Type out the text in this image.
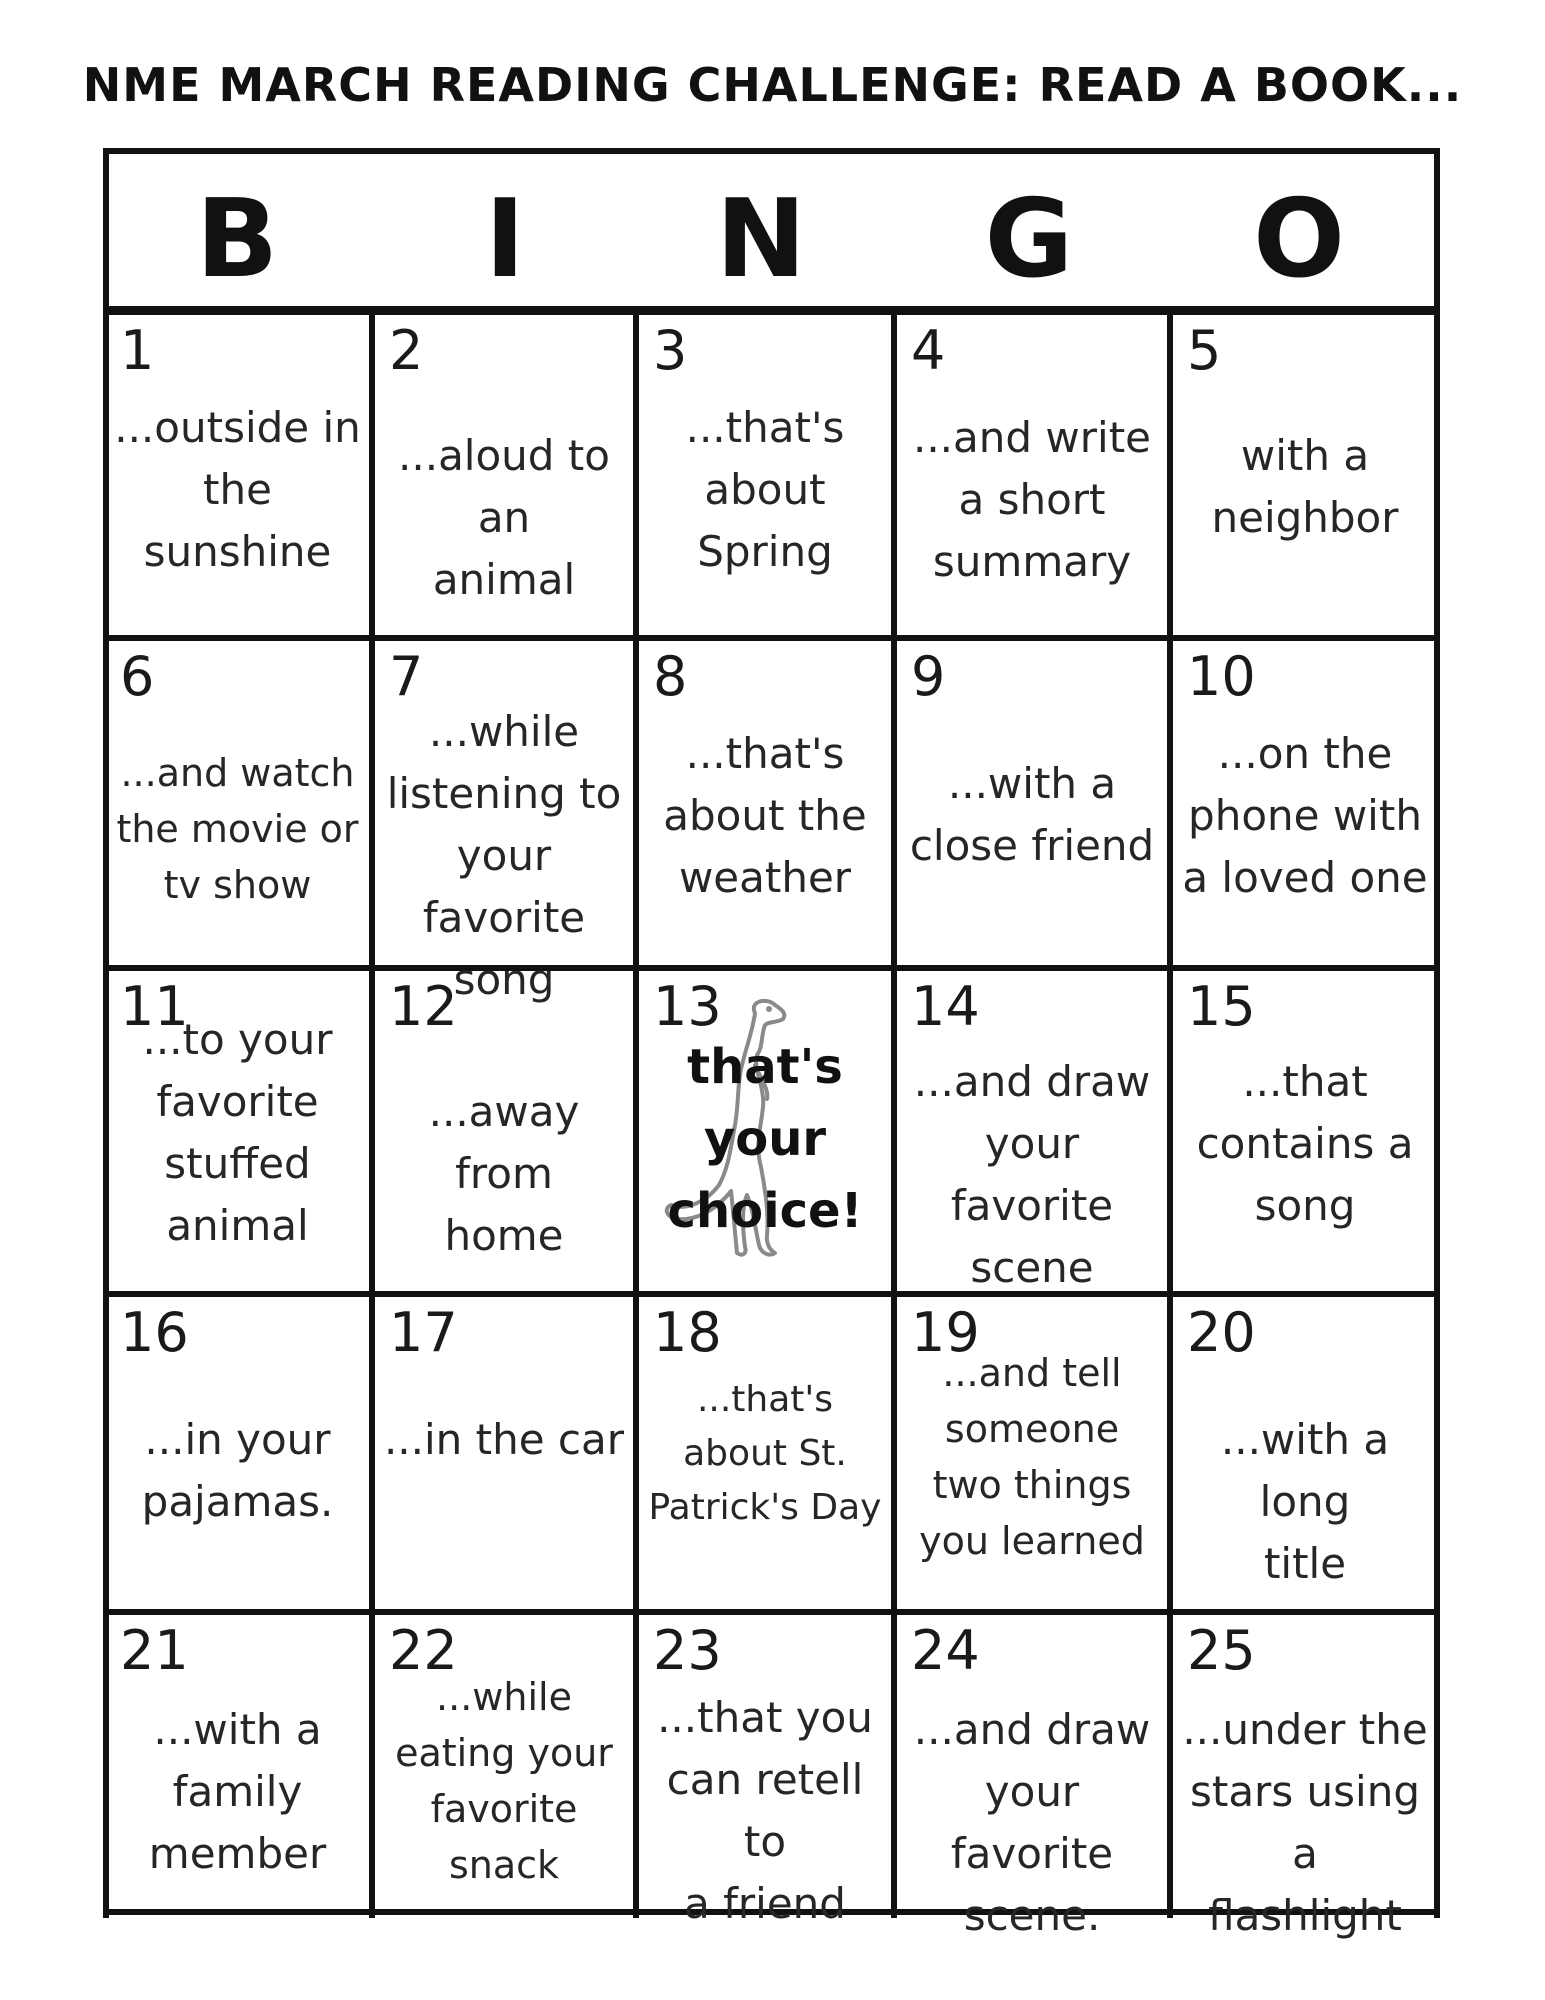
NME MARCH READING CHALLENGE: READ A BOOK...
B	I	N G O
1
...outside in
the
sunshine
2
...aloud to an
animal
3
...that's
about
Spring
4
...and write
a short
summary
5
with a
neighbor
6
...and watch
the movie or
tv show
7
...while
listening to
your favorite
song
8
...that's
about the
weather
9
...with a
close friend
10
...on the
phone with
a loved one
11
...to your
favorite
stuffed
animal
12
...away from
home
13
that's
your
choice!
14
...and draw
your favorite
scene
15
...that
contains a
song
16
...in your
pajamas.
17
...in the car
18
...that's
about St.
Patrick's Day
19
...and tell
someone
two things
you learned
20
...with a long
title
21
...with a
family
member
22
...while
eating your
favorite
snack
23
...that you
can retell to
a friend
24
...and draw
your favorite
scene.
25
...under the
stars using a
flashlight
